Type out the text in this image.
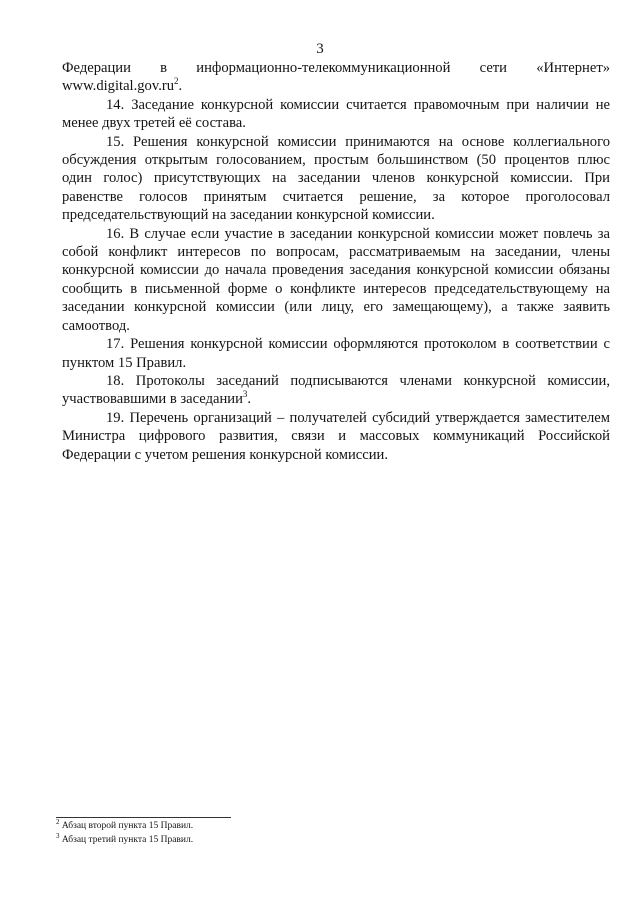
3

Федерации в информационно-телекоммуникационной сети «Интернет» $www.digital.gov.ru^2$.

14. Заседание конкурсной комиссии считается правомочным при наличии не менее двух третей её состава.

15. Решения конкурсной комиссии принимаются на основе коллегиального обсуждения открытым голосованием, простым большинством (50 процентов плюс один голос) присутствующих на заседании членов конкурсной комиссии. При равенстве голосов принятым считается решение, за которое проголосовал председательствующий на заседании конкурсной комиссии.

16. В случае если участие в заседании конкурсной комиссии может повлечь за собой конфликт интересов по вопросам, рассматриваемым на заседании, члены конкурсной комиссии до начала проведения заседания конкурсной комиссии обязаны сообщить в письменной форме о конфликте интересов председательствующему на заседании конкурсной комиссии (или лицу, его замещающему), а также заявить самоотвод.

17. Решения конкурсной комиссии оформляются протоколом в соответствии с пунктом 15 Правил.

18. Протоколы заседаний подписываются членами конкурсной комиссии, участвовавшими в заседании$^3$.

19. Перечень организаций – получателей субсидий утверждается заместителем Министра цифрового развития, связи и массовых коммуникаций Российской Федерации с учетом решения конкурсной комиссии.

$^2$ Абзац второй пункта 15 Правил.

$^3$ Абзац третий пункта 15 Правил.
